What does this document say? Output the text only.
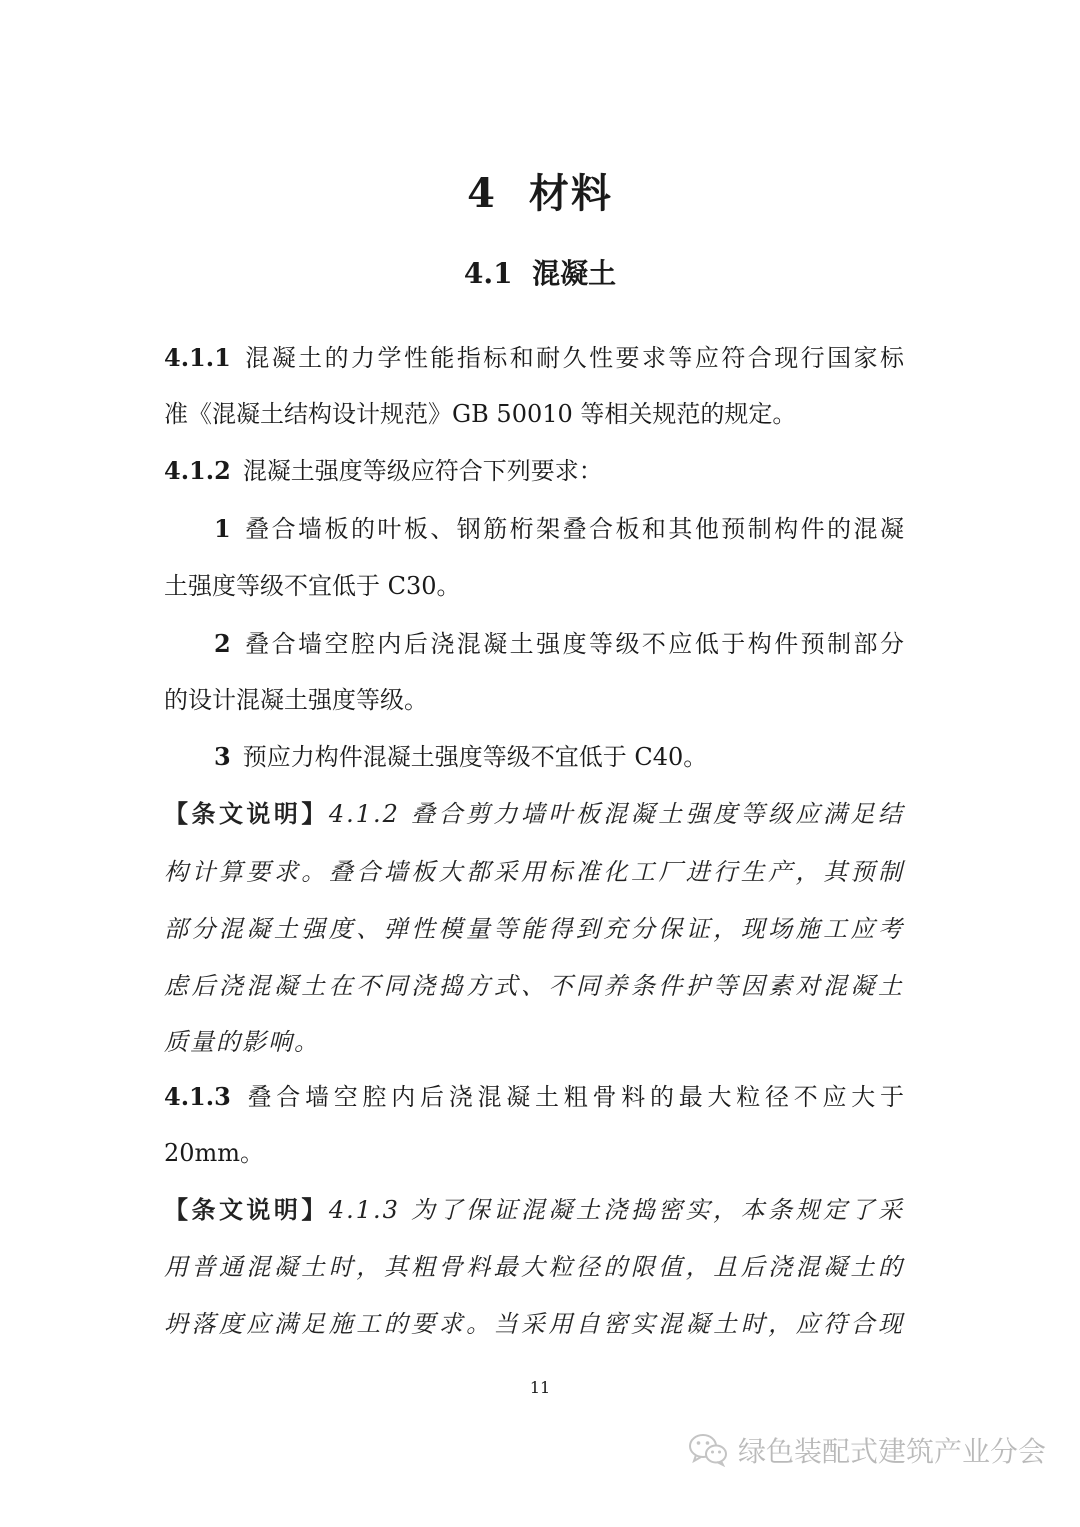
4  材料
4.1  混凝土
4.1.1 混凝土的力学性能指标和耐久性要求等应符合现行国家标
准《混凝土结构设计规范》GB 50010 等相关规范的规定。
4.1.2 混凝土强度等级应符合下列要求：
1 叠合墙板的叶板、钢筋桁架叠合板和其他预制构件的混凝
土强度等级不宜低于 C30。
2 叠合墙空腔内后浇混凝土强度等级不应低于构件预制部分
的设计混凝土强度等级。
3 预应力构件混凝土强度等级不宜低于 C40。
【条文说明】4.1.2 叠合剪力墙叶板混凝土强度等级应满足结
构计算要求。叠合墙板大都采用标准化工厂进行生产，其预制
部分混凝土强度、弹性模量等能得到充分保证，现场施工应考
虑后浇混凝土在不同浇捣方式、不同养条件护等因素对混凝土
质量的影响。
4.1.3 叠合墙空腔内后浇混凝土粗骨料的最大粒径不应大于
20mm。
【条文说明】4.1.3 为了保证混凝土浇捣密实，本条规定了采
用普通混凝土时，其粗骨料最大粒径的限值，且后浇混凝土的
坍落度应满足施工的要求。当采用自密实混凝土时，应符合现
11
绿色装配式建筑产业分会
